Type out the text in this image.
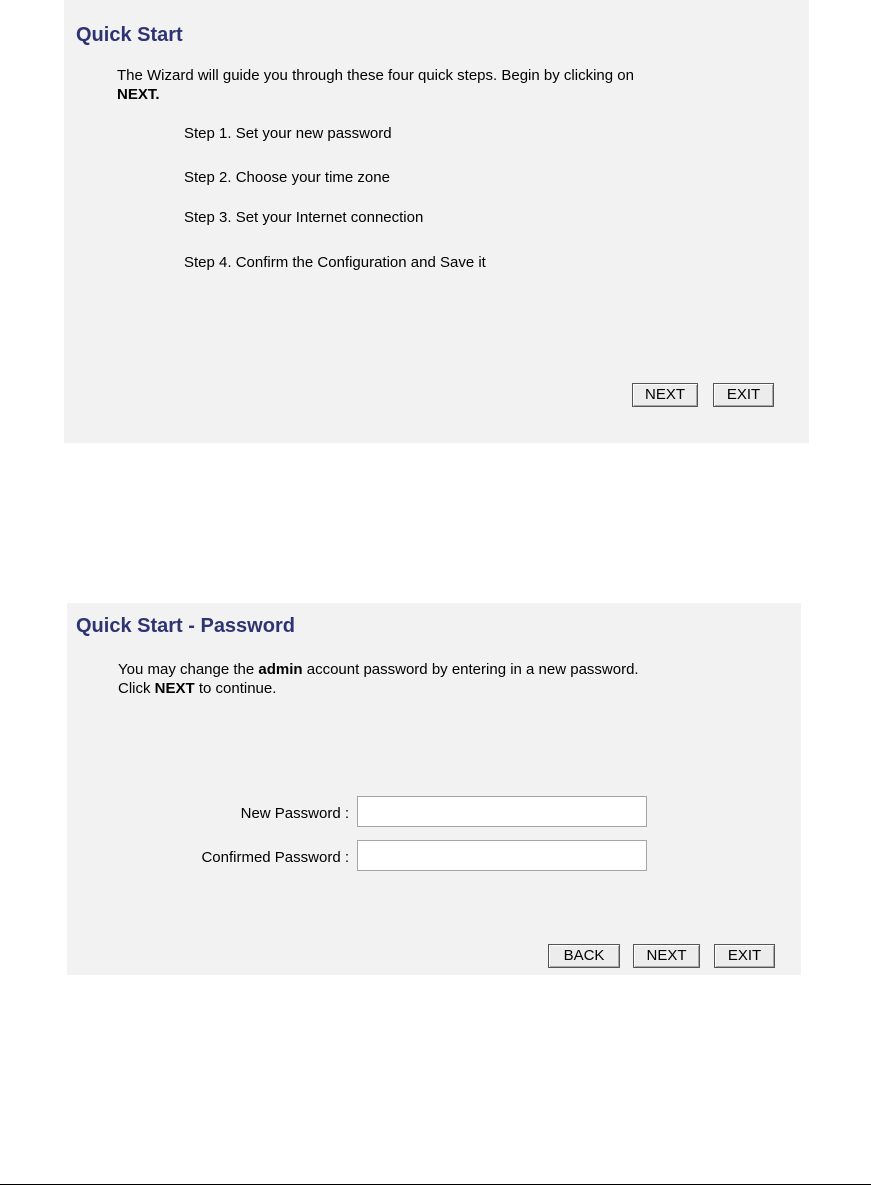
Quick Start
The Wizard will guide you through these four quick steps. Begin by clicking on
NEXT.
Step 1. Set your new password
Step 2. Choose your time zone
Step 3. Set your Internet connection
Step 4. Confirm the Configuration and Save it
NEXT	EXIT
Quick Start - Password
You may change the admin account password by entering in a new password.
Click NEXT to continue.
New Password :
Confirmed Password :
BACK	NEXT	EXIT
